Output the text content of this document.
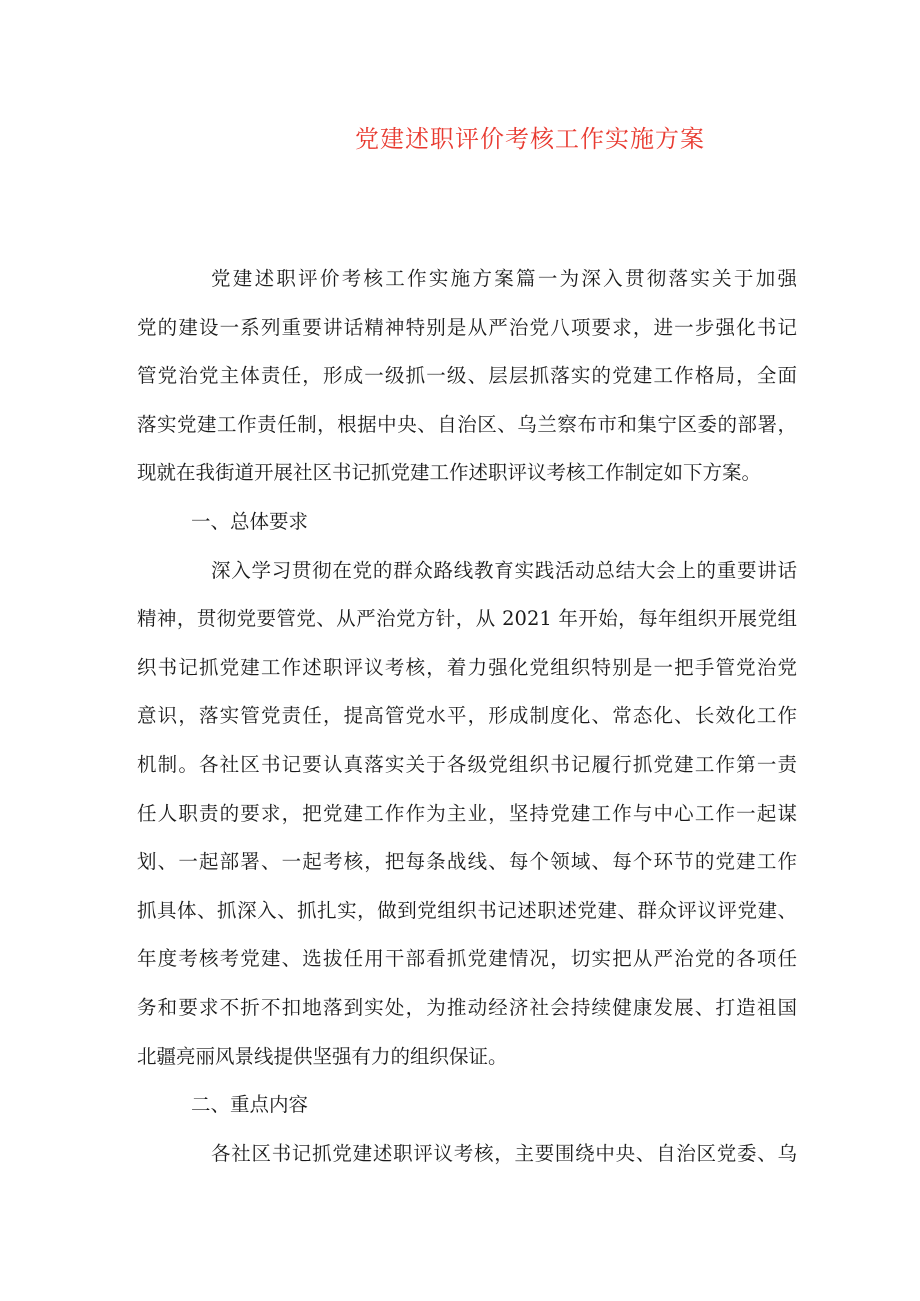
党建述职评价考核工作实施方案
党建述职评价考核工作实施方案篇一为深入贯彻落实关于加强
党的建设一系列重要讲话精神特别是从严治党八项要求，进一步强化书记
管党治党主体责任，形成一级抓一级、层层抓落实的党建工作格局，全面
落实党建工作责任制，根据中央、自治区、乌兰察布市和集宁区委的部署，
现就在我街道开展社区书记抓党建工作述职评议考核工作制定如下方案。
一、总体要求
深入学习贯彻在党的群众路线教育实践活动总结大会上的重要讲话
精神，贯彻党要管党、从严治党方针，从 2021 年开始，每年组织开展党组
织书记抓党建工作述职评议考核，着力强化党组织特别是一把手管党治党
意识，落实管党责任，提高管党水平，形成制度化、常态化、长效化工作
机制。各社区书记要认真落实关于各级党组织书记履行抓党建工作第一责
任人职责的要求，把党建工作作为主业，坚持党建工作与中心工作一起谋
划、一起部署、一起考核，把每条战线、每个领域、每个环节的党建工作
抓具体、抓深入、抓扎实，做到党组织书记述职述党建、群众评议评党建、
年度考核考党建、选拔任用干部看抓党建情况，切实把从严治党的各项任
务和要求不折不扣地落到实处，为推动经济社会持续健康发展、打造祖国
北疆亮丽风景线提供坚强有力的组织保证。
二、重点内容
各社区书记抓党建述职评议考核，主要围绕中央、自治区党委、乌
